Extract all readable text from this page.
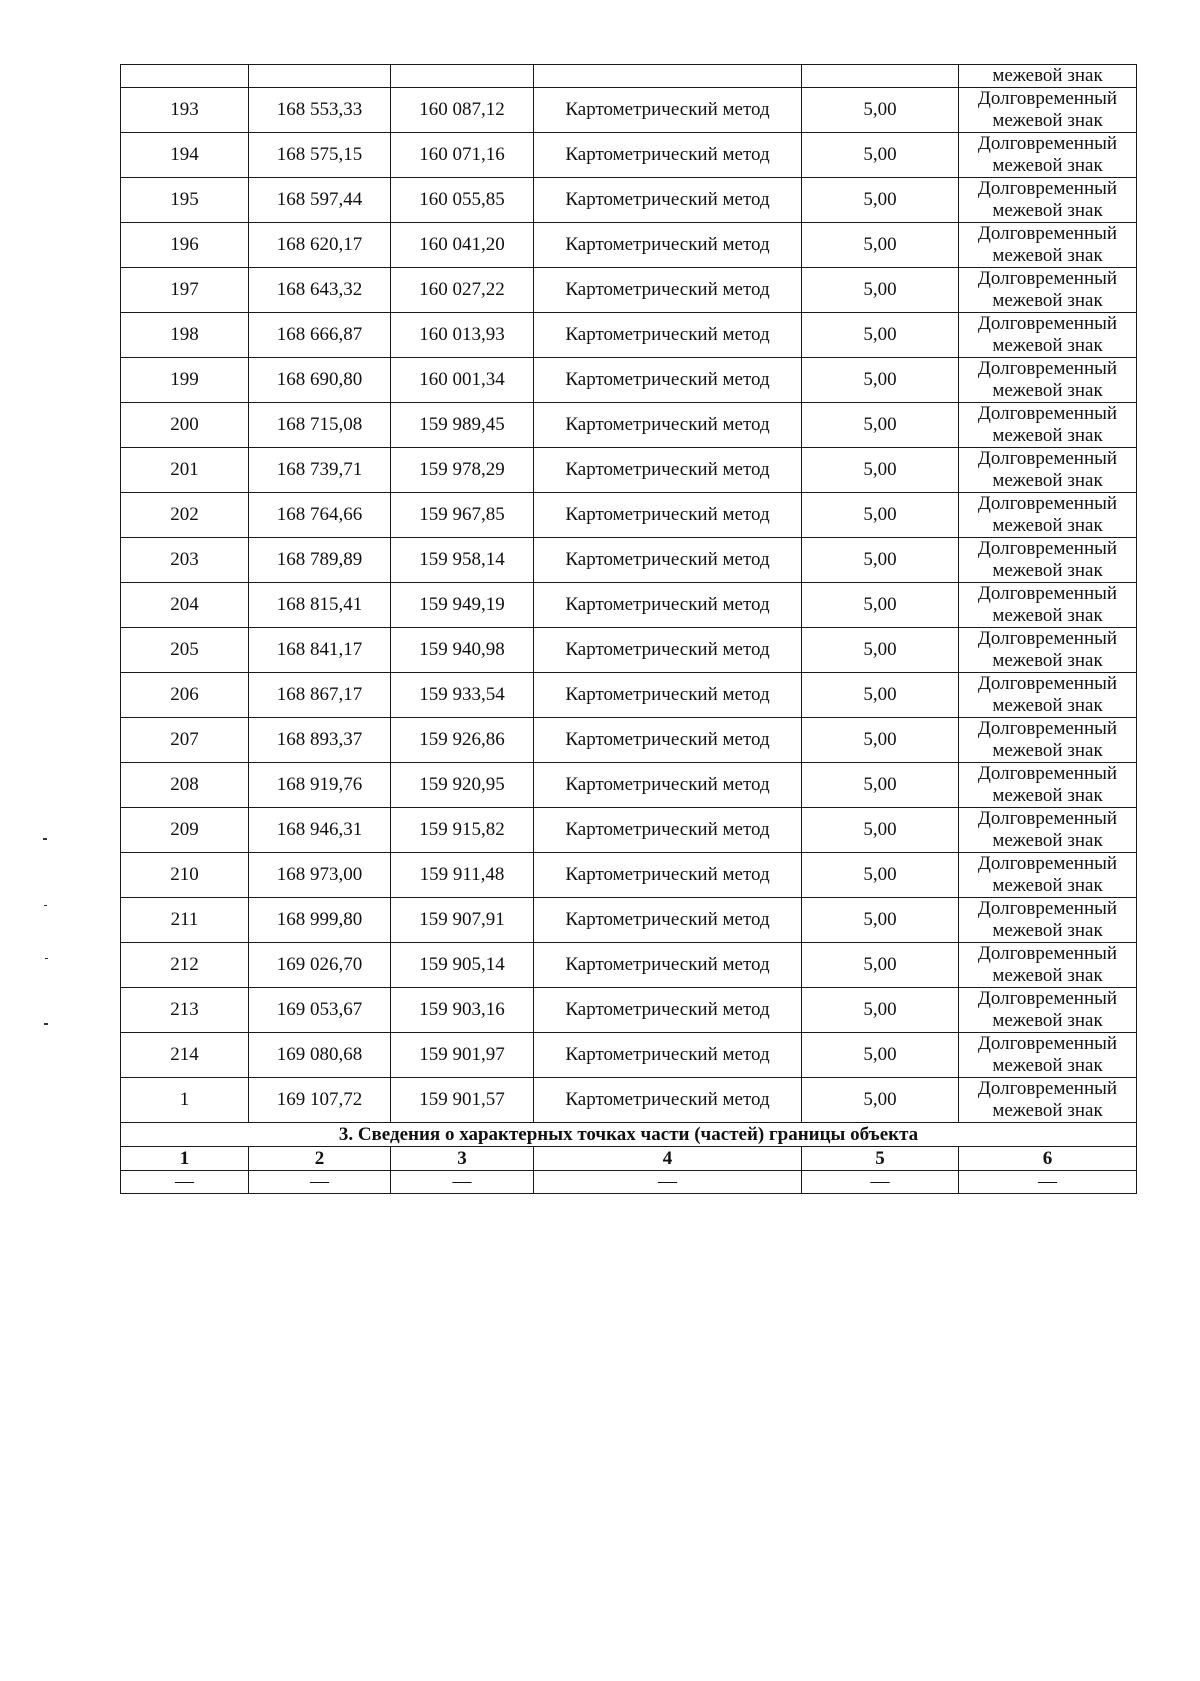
					межевой знак
193	168 553,33	160 087,12	Картометрический метод	5,00	Долговременный
межевой знак

194	168 575,15	160 071,16	Картометрический метод	5,00	Долговременный
межевой знак

195	168 597,44	160 055,85	Картометрический метод	5,00	Долговременный
межевой знак

196	168 620,17	160 041,20	Картометрический метод	5,00	Долговременный
межевой знак

197	168 643,32	160 027,22	Картометрический метод	5,00	Долговременный
межевой знак

198	168 666,87	160 013,93	Картометрический метод	5,00	Долговременный
межевой знак

199	168 690,80	160 001,34	Картометрический метод	5,00	Долговременный
межевой знак

200	168 715,08	159 989,45	Картометрический метод	5,00	Долговременный
межевой знак

201	168 739,71	159 978,29	Картометрический метод	5,00	Долговременный
межевой знак

202	168 764,66	159 967,85	Картометрический метод	5,00	Долговременный
межевой знак

203	168 789,89	159 958,14	Картометрический метод	5,00	Долговременный
межевой знак

204	168 815,41	159 949,19	Картометрический метод	5,00	Долговременный
межевой знак

205	168 841,17	159 940,98	Картометрический метод	5,00	Долговременный
межевой знак

206	168 867,17	159 933,54	Картометрический метод	5,00	Долговременный
межевой знак

207	168 893,37	159 926,86	Картометрический метод	5,00	Долговременный
межевой знак

208	168 919,76	159 920,95	Картометрический метод	5,00	Долговременный
межевой знак

209	168 946,31	159 915,82	Картометрический метод	5,00	Долговременный
межевой знак

210	168 973,00	159 911,48	Картометрический метод	5,00	Долговременный
межевой знак

211	168 999,80	159 907,91	Картометрический метод	5,00	Долговременный
межевой знак

212	169 026,70	159 905,14	Картометрический метод	5,00	Долговременный
межевой знак

213	169 053,67	159 903,16	Картометрический метод	5,00	Долговременный
межевой знак

214	169 080,68	159 901,97	Картометрический метод	5,00	Долговременный
межевой знак

1	169 107,72	159 901,57	Картометрический метод	5,00	Долговременный
межевой знак

3. Сведения о характерных точках части (частей) границы объекта					
1	2	3	4	5	6
—	—	—	—	—	—
